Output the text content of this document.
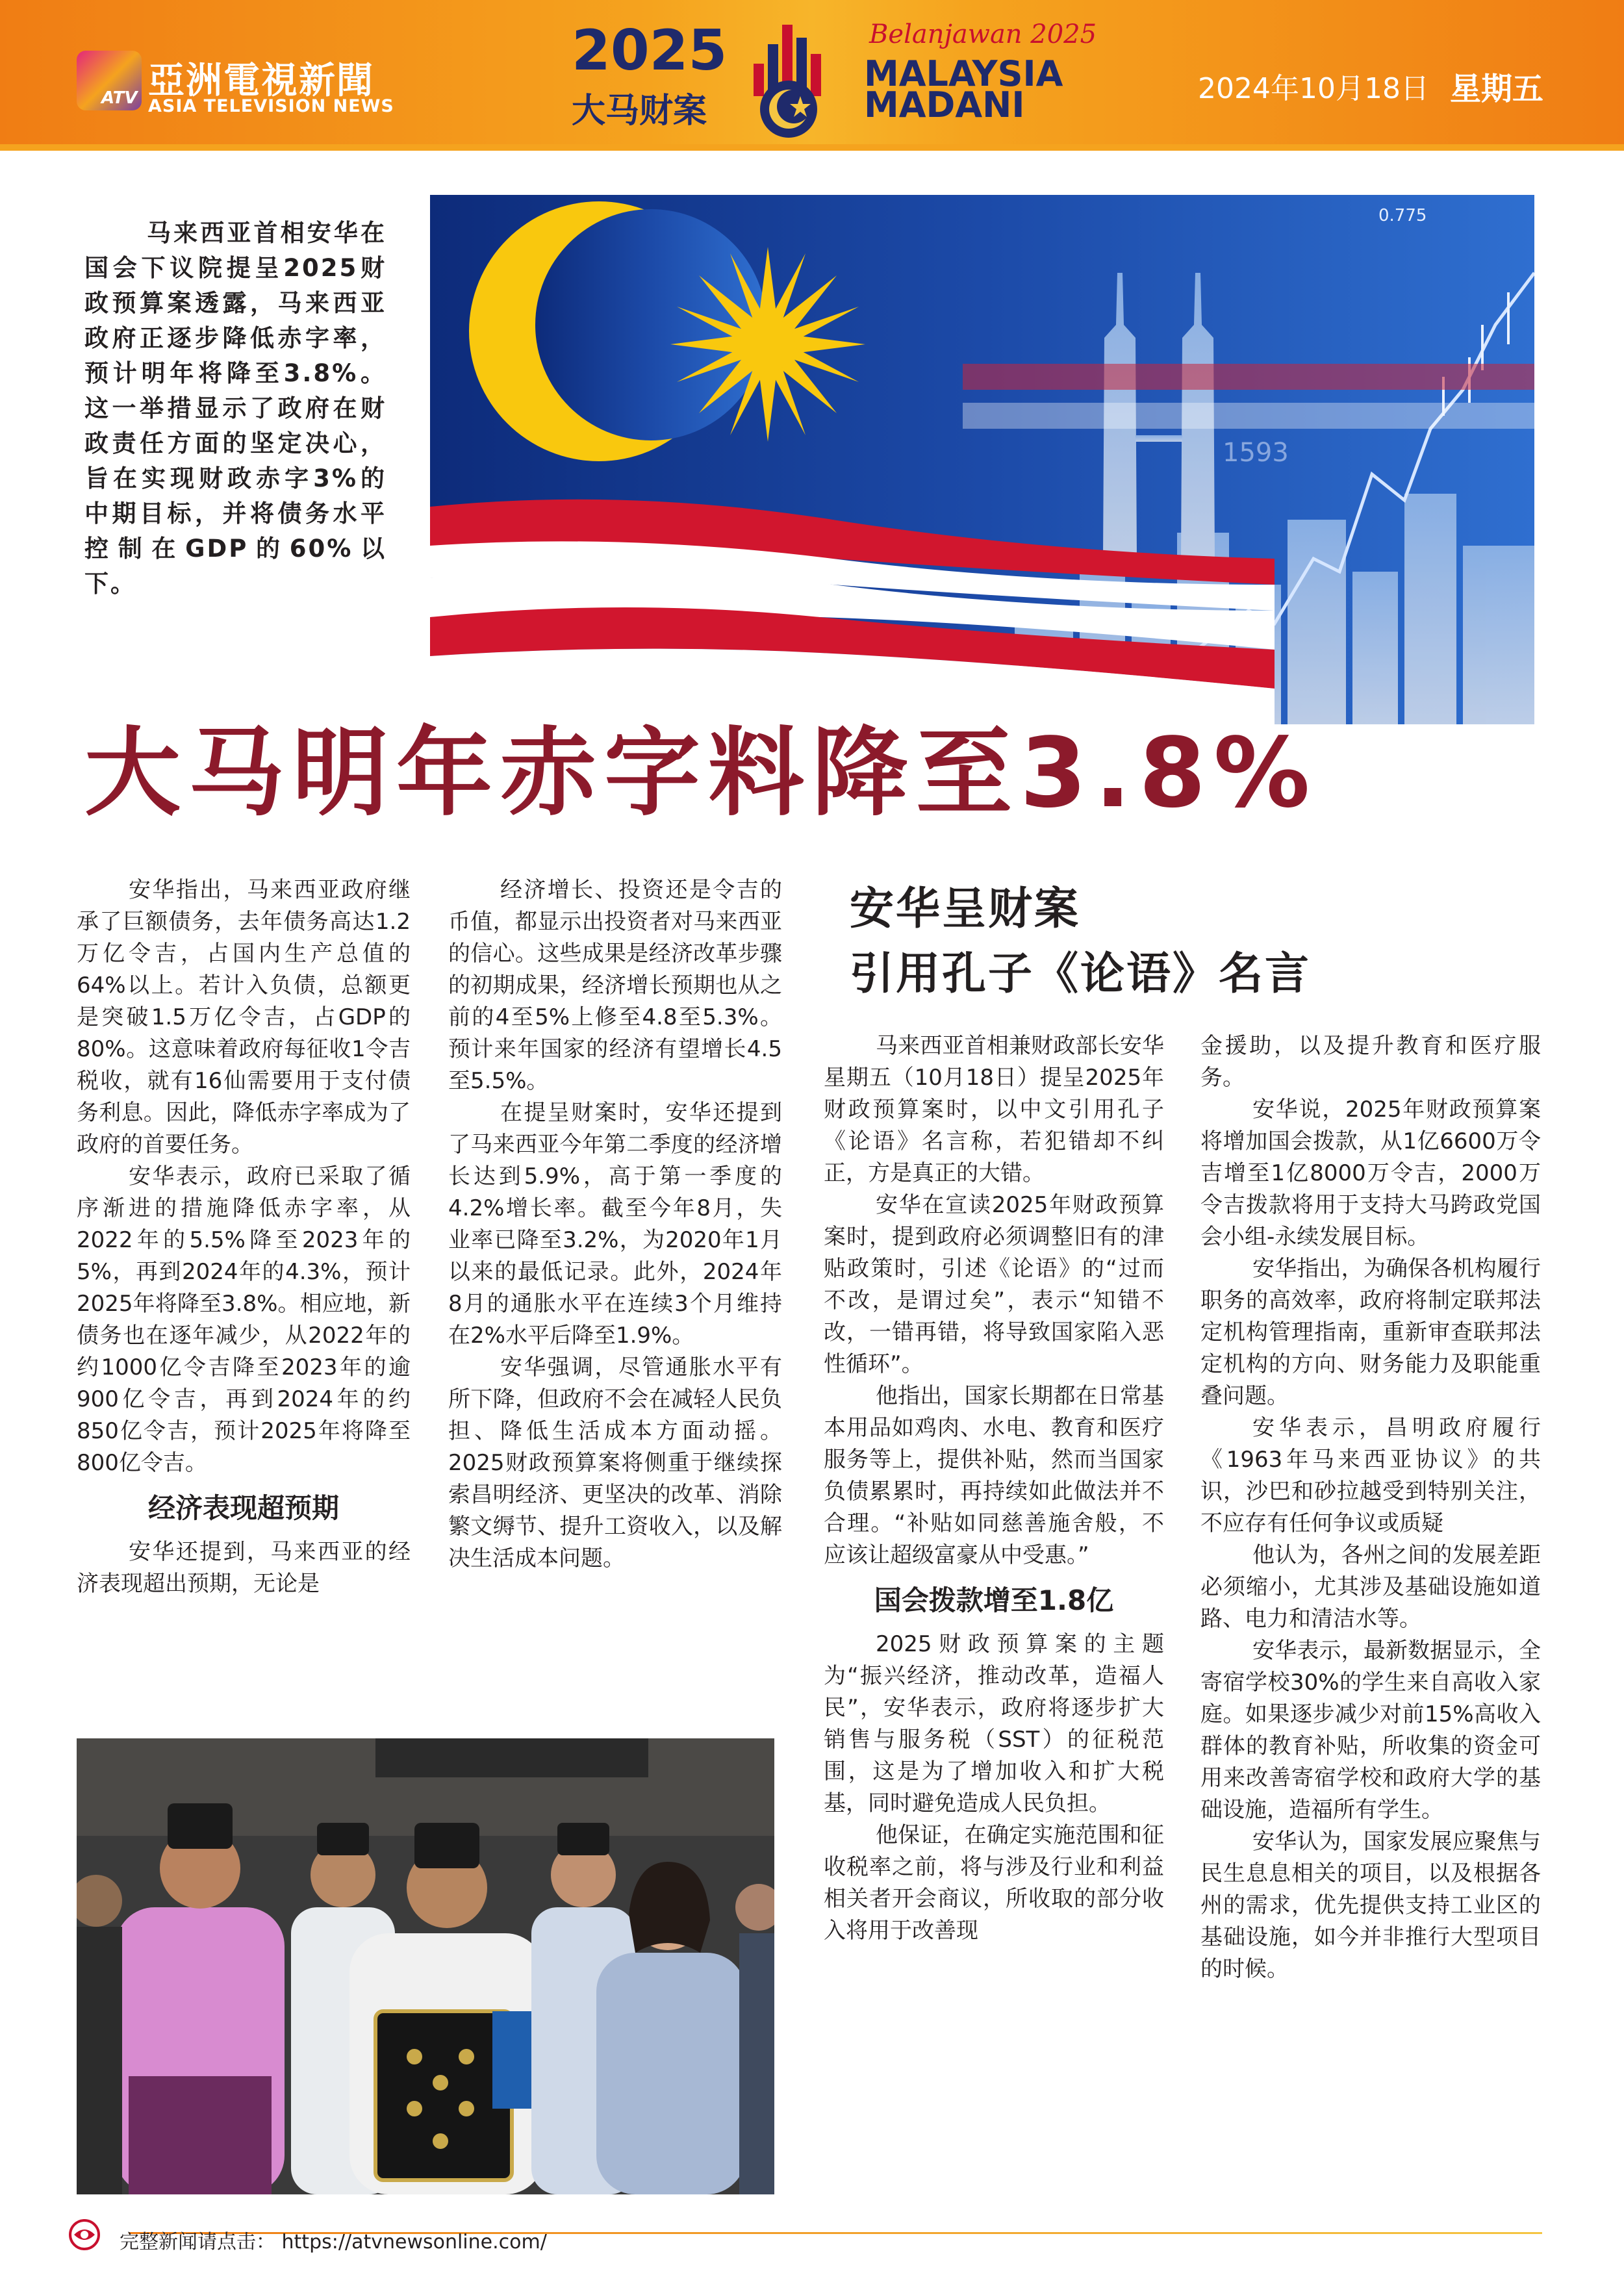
ATV 亞洲電視新聞
ASIA TELEVISION NEWS
2025
大马财案
Belanjawan 2025
MALAYSIA
MADANI	2024年10月18日 星期五
0.775
1593
马来西亚首相安华在国会下议院提呈2025财政预算案透露，马来西亚政府正逐步降低赤字率，预计明年将降至3.8%。这一举措显示了政府在财政责任方面的坚定决心，旨在实现财政赤字3%的中期目标，并将债务水平控制在GDP的60%以下。
大马明年赤字料降至3.8%

安华指出，马来西亚政府继承了巨额债务，去年债务高达1.2万亿令吉，占国内生产总值的64%以上。若计入负债，总额更是突破1.5万亿令吉，占GDP的80%。这意味着政府每征收1令吉税收，就有16仙需要用于支付债务利息。因此，降低赤字率成为了政府的首要任务。

安华表示，政府已采取了循序渐进的措施降低赤字率，从2022年的5.5%降至2023年的5%，再到2024年的4.3%，预计2025年将降至3.8%。相应地，新债务也在逐年减少，从2022年的约1000亿令吉降至2023年的逾900亿令吉，再到2024年的约850亿令吉，预计2025年将降至800亿令吉。

经济表现超预期

安华还提到，马来西亚的经济表现超出预期，无论是

经济增长、投资还是令吉的币值，都显示出投资者对马来西亚的信心。这些成果是经济改革步骤的初期成果，经济增长预期也从之前的4至5%上修至4.8至5.3%。预计来年国家的经济有望增长4.5至5.5%。

在提呈财案时，安华还提到了马来西亚今年第二季度的经济增长达到5.9%，高于第一季度的4.2%增长率。截至今年8月，失业率已降至3.2%，为2020年1月以来的最低记录。此外，2024年8月的通胀水平在连续3个月维持在2%水平后降至1.9%。

安华强调，尽管通胀水平有所下降，但政府不会在减轻人民负担、降低生活成本方面动摇。2025财政预算案将侧重于继续探索昌明经济、更坚决的改革、消除繁文缛节、提升工资收入，以及解决生活成本问题。

安华呈财案
引用孔子《论语》名言

马来西亚首相兼财政部长安华星期五（10月18日）提呈2025年财政预算案时，以中文引用孔子《论语》名言称，若犯错却不纠正，方是真正的大错。

安华在宣读2025年财政预算案时，提到政府必须调整旧有的津贴政策时，引述《论语》的“过而不改，是谓过矣”，表示“知错不改，一错再错，将导致国家陷入恶性循环”。

他指出，国家长期都在日常基本用品如鸡肉、水电、教育和医疗服务等上，提供补贴，然而当国家负债累累时，再持续如此做法并不合理。“补贴如同慈善施舍般，不应该让超级富豪从中受惠。”

国会拨款增至1.8亿

2025财政预算案的主题为“振兴经济，推动改革，造福人民”，安华表示，政府将逐步扩大销售与服务税（SST）的征税范围，这是为了增加收入和扩大税基，同时避免造成人民负担。

他保证，在确定实施范围和征收税率之前，将与涉及行业和利益相关者开会商议，所收取的部分收入将用于改善现

金援助，以及提升教育和医疗服务。

安华说，2025年财政预算案将增加国会拨款，从1亿6600万令吉增至1亿8000万令吉，2000万令吉拨款将用于支持大马跨政党国会小组-永续发展目标。

安华指出，为确保各机构履行职务的高效率，政府将制定联邦法定机构管理指南，重新审查联邦法定机构的方向、财务能力及职能重叠问题。

安华表示，昌明政府履行《1963年马来西亚协议》的共识，沙巴和砂拉越受到特别关注，不应存有任何争议或质疑

他认为，各州之间的发展差距必须缩小，尤其涉及基础设施如道路、电力和清洁水等。

安华表示，最新数据显示，全寄宿学校30%的学生来自高收入家庭。如果逐步减少对前15%高收入群体的教育补贴，所收集的资金可用来改善寄宿学校和政府大学的基础设施，造福所有学生。

安华认为，国家发展应聚焦与民生息息相关的项目，以及根据各州的需求，优先提供支持工业区的基础设施，如今并非推行大型项目的时候。

完整新闻请点击： https://atvnewsonline.com/
